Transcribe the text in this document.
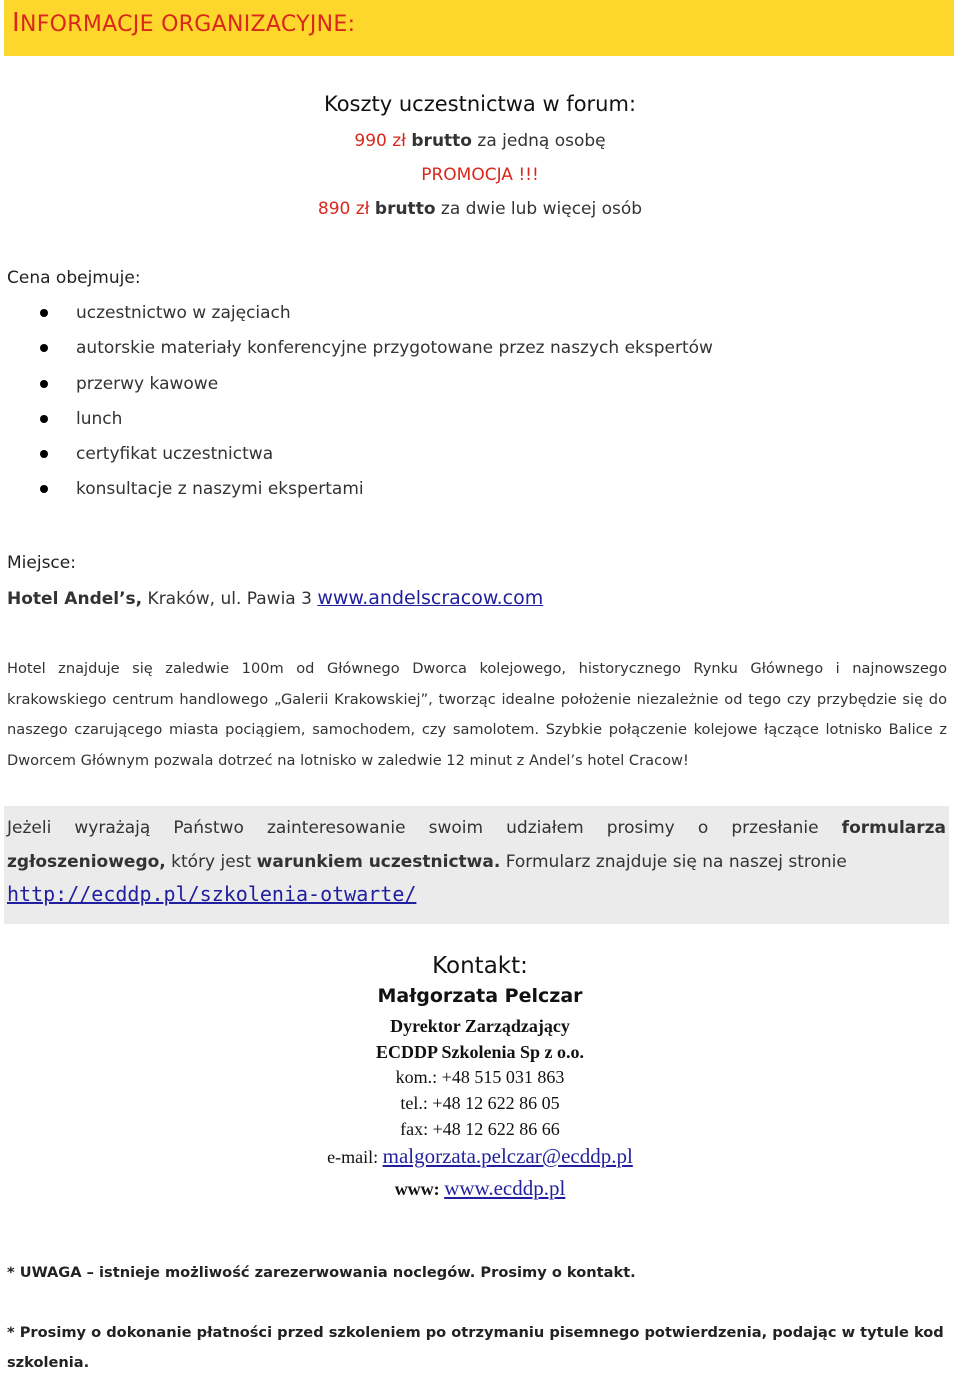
INFORMACJE ORGANIZACYJNE:
Koszty uczestnictwa w forum:
990 zł brutto za jedną osobę
PROMOCJA !!!
890 zł brutto za dwie lub więcej osób
Cena obejmuje:
uczestnictwo w zajęciach
autorskie materiały konferencyjne przygotowane przez naszych ekspertów
przerwy kawowe
lunch
certyfikat uczestnictwa
konsultacje z naszymi ekspertami
Miejsce:
Hotel Andel’s, Kraków, ul. Pawia 3 www.andelscracow.com
Hotel znajduje się zaledwie 100m od Głównego Dworca kolejowego, historycznego Rynku Głównego i najnowszego krakowskiego centrum handlowego „Galerii Krakowskiej”, tworząc idealne położenie niezależnie od tego czy przybędzie się do naszego czarującego miasta pociągiem, samochodem, czy samolotem. Szybkie połączenie kolejowe łączące lotnisko Balice z Dworcem Głównym pozwala dotrzeć na lotnisko w zaledwie 12 minut z Andel’s hotel Cracow!
Jeżeli wyrażają Państwo zainteresowanie swoim udziałem prosimy o przesłanie formularza zgłoszeniowego, który jest warunkiem uczestnictwa. Formularz znajduje się na naszej stronie
http://ecddp.pl/szkolenia-otwarte/
Kontakt:
Małgorzata Pelczar
Dyrektor Zarządzający
ECDDP Szkolenia Sp z o.o.
kom.: +48 515 031 863
tel.: +48 12 622 86 05
fax: +48 12 622 86 66
e-mail: malgorzata.pelczar@ecddp.pl
www: www.ecddp.pl
* UWAGA – istnieje możliwość zarezerwowania noclegów. Prosimy o kontakt.
* Prosimy o dokonanie płatności przed szkoleniem po otrzymaniu pisemnego potwierdzenia, podając w tytule kod szkolenia.
